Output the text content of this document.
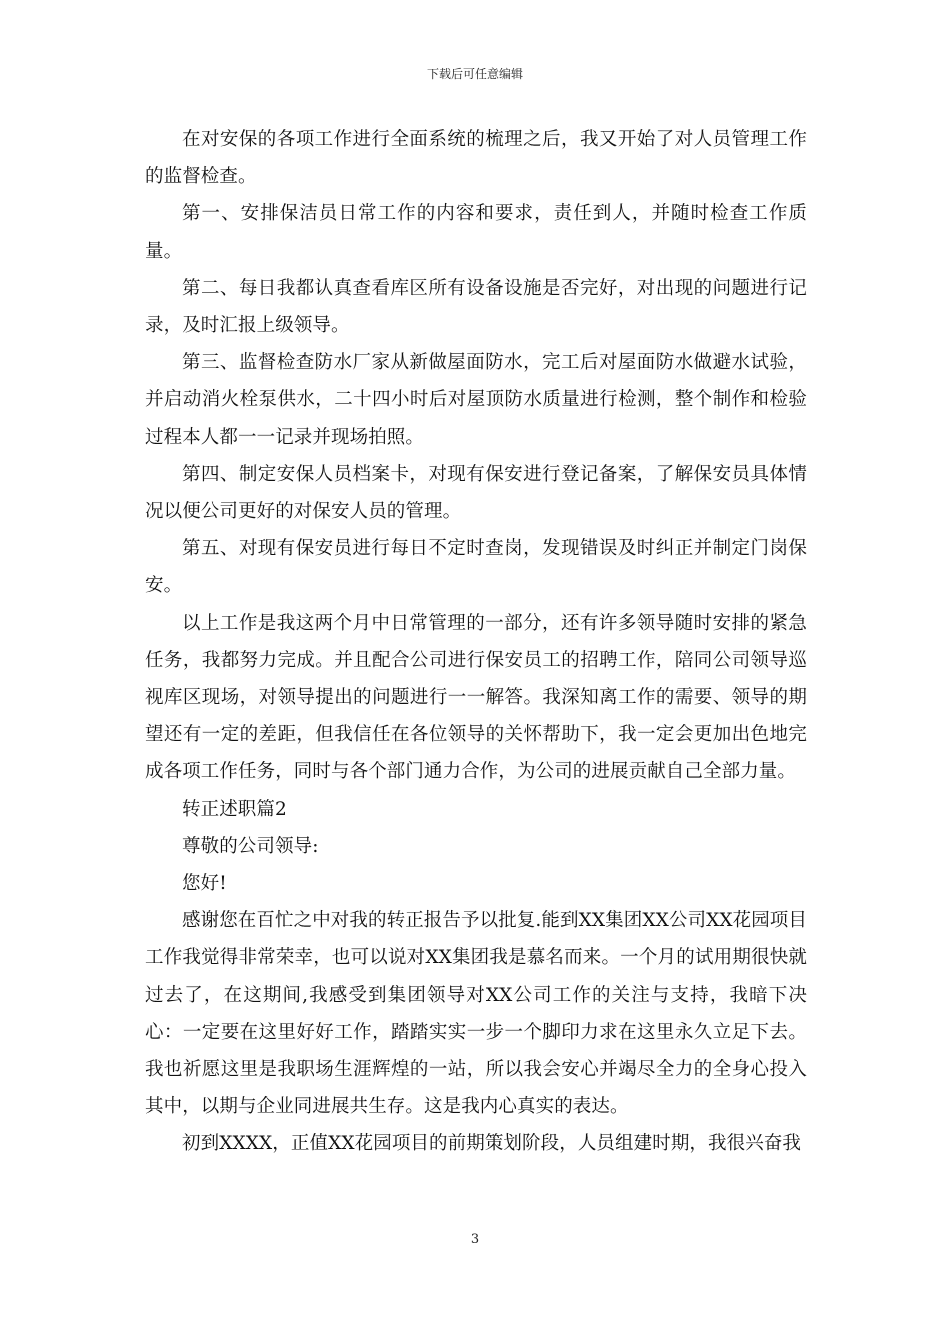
下载后可任意编辑

在对安保的各项工作进行全面系统的梳理之后，我又开始了对人员管理工作的监督检查。

第一、安排保洁员日常工作的内容和要求，责任到人，并随时检查工作质量。

第二、每日我都认真查看库区所有设备设施是否完好，对出现的问题进行记录，及时汇报上级领导。

第三、监督检查防水厂家从新做屋面防水，完工后对屋面防水做避水试验，并启动消火栓泵供水，二十四小时后对屋顶防水质量进行检测，整个制作和检验过程本人都一一记录并现场拍照。

第四、制定安保人员档案卡，对现有保安进行登记备案，了解保安员具体情况以便公司更好的对保安人员的管理。

第五、对现有保安员进行每日不定时查岗，发现错误及时纠正并制定门岗保安。

以上工作是我这两个月中日常管理的一部分，还有许多领导随时安排的紧急任务，我都努力完成。并且配合公司进行保安员工的招聘工作，陪同公司领导巡视库区现场，对领导提出的问题进行一一解答。我深知离工作的需要、领导的期望还有一定的差距，但我信任在各位领导的关怀帮助下，我一定会更加出色地完成各项工作任务，同时与各个部门通力合作，为公司的进展贡献自己全部力量。

转正述职篇2

尊敬的公司领导:

您好!

感谢您在百忙之中对我的转正报告予以批复.能到XX集团XX公司XX花园项目工作我觉得非常荣幸，也可以说对XX集团我是慕名而来。一个月的试用期很快就过去了，在这期间,我感受到集团领导对XX公司工作的关注与支持，我暗下决心：一定要在这里好好工作，踏踏实实一步一个脚印力求在这里永久立足下去。我也祈愿这里是我职场生涯辉煌的一站，所以我会安心并竭尽全力的全身心投入其中，以期与企业同进展共生存。这是我内心真实的表达。

初到XXXX，正值XX花园项目的前期策划阶段，人员组建时期，我很兴奋我

3
